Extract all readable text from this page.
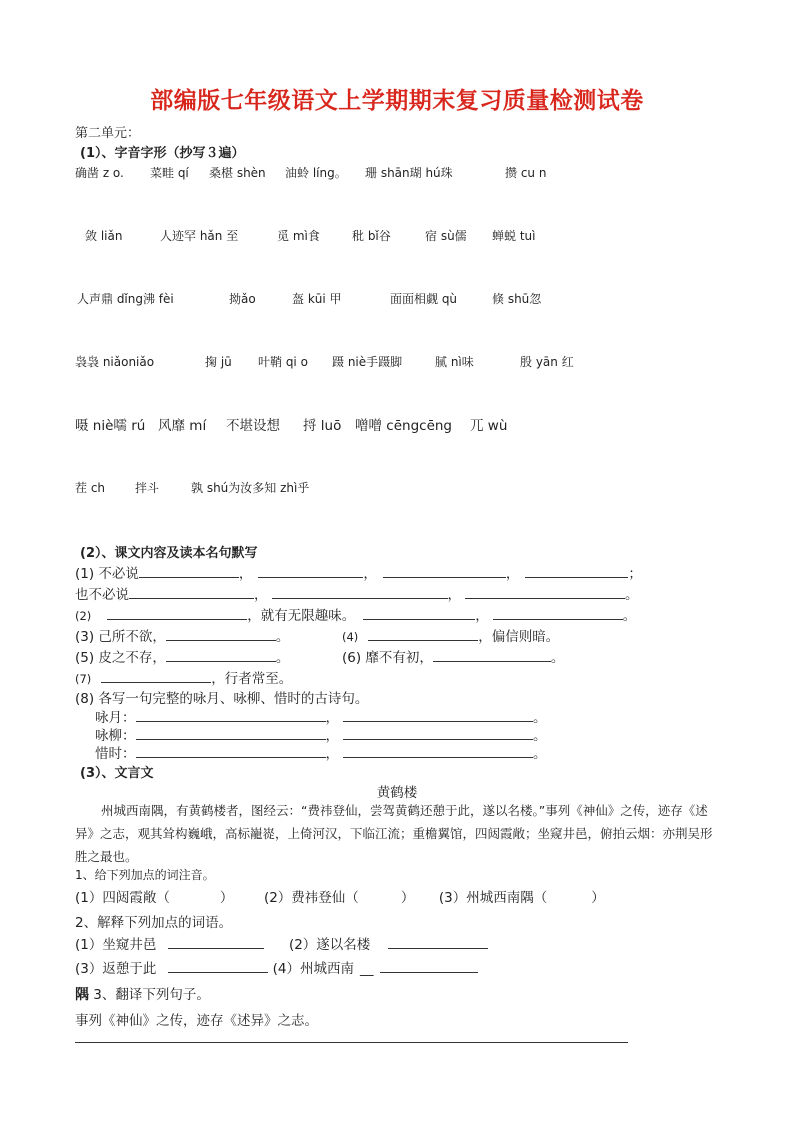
部编版七年级语文上学期期末复习质量检测试卷
第二单元：
(1）、字音字形（抄写３遍）
确凿 z o. 菜畦 qí 桑椹 shèn 油蛉 líng。 珊 shān瑚 hú珠	攒 cu n
敛 liǎn	人迹罕 hǎn 至	觅 mì食	秕 bǐ谷	宿 sù儒 蝉蜕 tuì
人声鼎 dǐng沸 fèi	拗ǎo	盔 kūi 甲	面面相觑 qù	倏 shū忽
袅袅 niǎoniǎo	掬 jū 叶鞘 qi o 蹑 niè手蹑脚	腻 nì味	殷 yān 红
嗫 niè嚅 rú 风靡 mí 不堪设想 捋 luō 噌噌 cēngcēng 兀 wù
茬 ch 拌斗	孰 shú为汝多知 zhì乎
(2）、课文内容及读本名句默写
(1) 不必说	，	，	，	；
也不必说	，	，	。
(2)	，就有无限趣味。	，	。
(3) 己所不欲，	。	(4)	，偏信则暗。
(5) 皮之不存，	。	(6) 靡不有初，	。
(7)	，行者常至。
(8) 各写一句完整的咏月、咏柳、惜时的古诗句。
咏月：	，	。
咏柳：	，	。
惜时：	，	。
(3）、文言文
黄鹤楼
州城西南隅，有黄鹤楼者，图经云：“费祎登仙，尝驾黄鹤还憩于此，遂以名楼。”事列《神仙》之传，迹存《述异》之志，观其耸构巍峨，高标巃嵸，上倚河汉，下临江流；重檐翼馆，四闼霞敞；坐窥井邑，俯拍云烟：亦荆吴形胜之最也。
1、给下列加点的词注音。
(1）四闼霞敞（	） (2）费祎登仙（	） (3）州城西南隅（	）
2、解释下列加点的词语。
(1）坐窥井邑	(2）遂以名楼
(3）返憩于此	(4）州城西南 __
隅 3、翻译下列句子。
事列《神仙》之传，迹存《述异》之志。
